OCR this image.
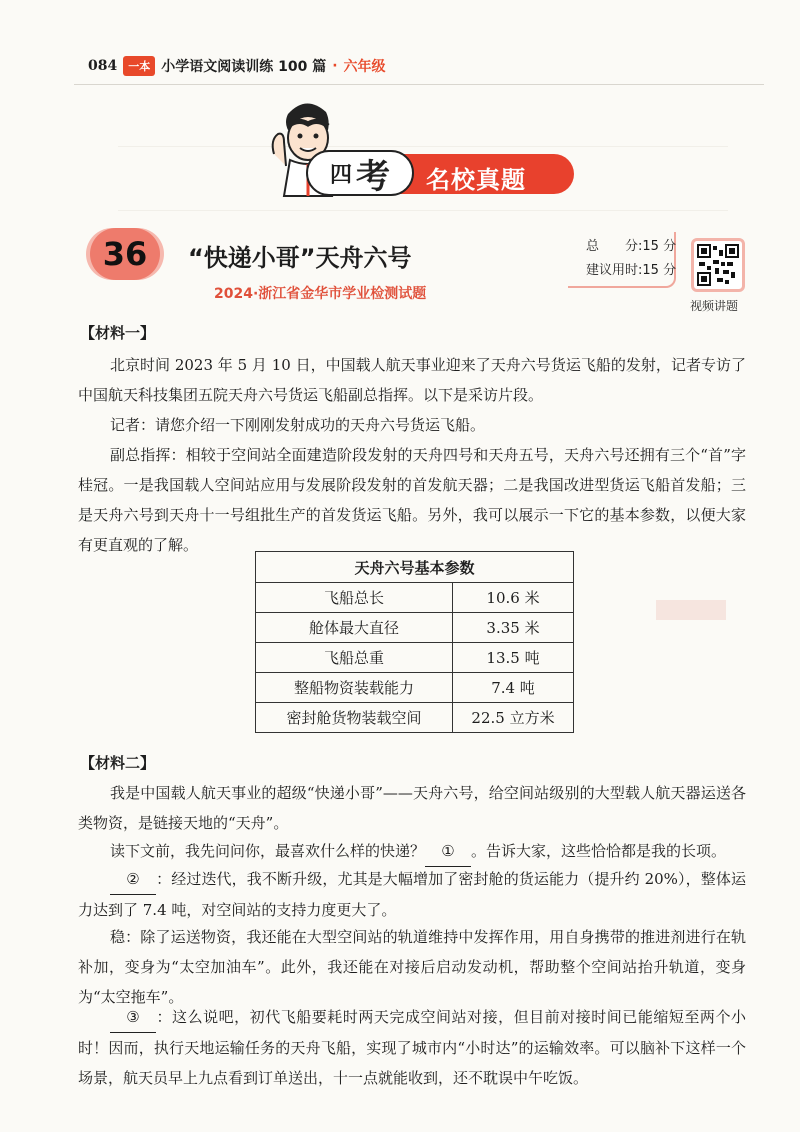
084	一本 小学语文阅读训练 100 篇 · 六年级
四 考 名校真题
36	“快递小哥”天舟六号
2024·浙江省金华市学业检测试题
总　　分:15 分
建议用时:15 分
视频讲题
【材料一】
北京时间 2023 年 5 月 10 日，中国载人航天事业迎来了天舟六号货运飞船的发射，记者专访了中国航天科技集团五院天舟六号货运飞船副总指挥。以下是采访片段。
记者：请您介绍一下刚刚发射成功的天舟六号货运飞船。
副总指挥：相较于空间站全面建造阶段发射的天舟四号和天舟五号，天舟六号还拥有三个“首”字桂冠。一是我国载人空间站应用与发展阶段发射的首发航天器；二是我国改进型货运飞船首发船；三是天舟六号到天舟十一号组批生产的首发货运飞船。另外，我可以展示一下它的基本参数，以便大家有更直观的了解。
天舟六号基本参数	
飞船总长	10.6 米
舱体最大直径	3.35 米
飞船总重	13.5 吨
整船物资装载能力	7.4 吨
密封舱货物装载空间	22.5 立方米
【材料二】
我是中国载人航天事业的超级“快递小哥”——天舟六号，给空间站级别的大型载人航天器运送各类物资，是链接天地的“天舟”。
读下文前，我先问问你，最喜欢什么样的快递？ ① 。告诉大家，这些恰恰都是我的长项。
② ：经过迭代，我不断升级，尤其是大幅增加了密封舱的货运能力（提升约 20%），整体运力达到了 7.4 吨，对空间站的支持力度更大了。
稳：除了运送物资，我还能在大型空间站的轨道维持中发挥作用，用自身携带的推进剂进行在轨补加，变身为“太空加油车”。此外，我还能在对接后启动发动机，帮助整个空间站抬升轨道，变身为“太空拖车”。
③ ：这么说吧，初代飞船要耗时两天完成空间站对接，但目前对接时间已能缩短至两个小时！因而，执行天地运输任务的天舟飞船，实现了城市内“小时达”的运输效率。可以脑补下这样一个场景，航天员早上九点看到订单送出，十一点就能收到，还不耽误中午吃饭。
